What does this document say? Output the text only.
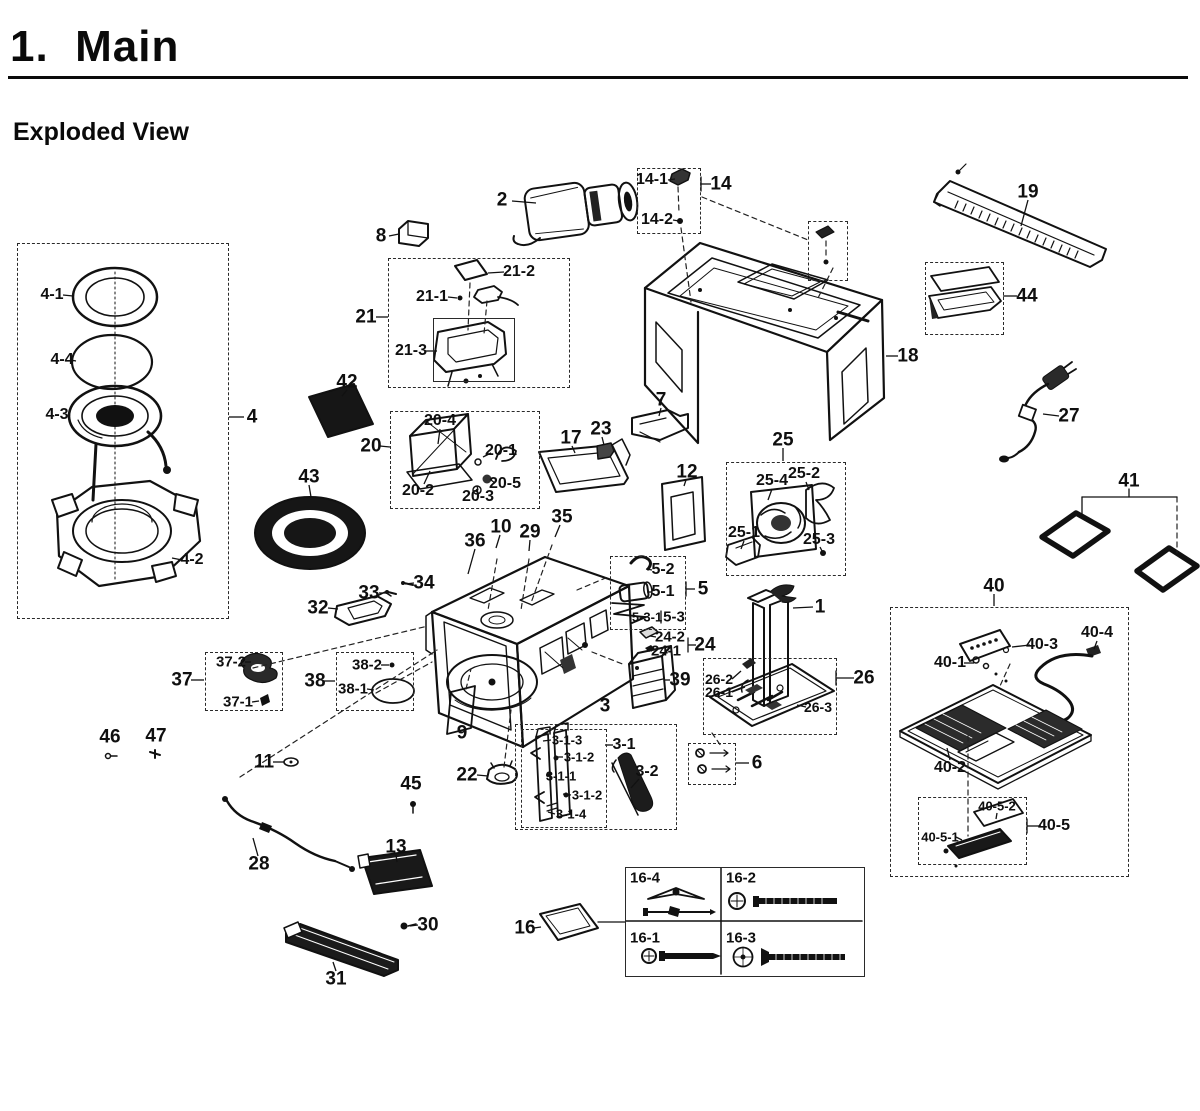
1.  Main
Exploded View
2
8
14-1
14-2
14
21
21-2
21-1
21-3
19
44
18
27
41
42
20
20-4
20-2
20-1
20-5
20-3
43
17 23
7
12
25
25-4 25-2
25-1	25-3
36
10 29
35
34
33
32
5-2
5-1
5-3-1 5-3
5
24-2
24-1 24
1
39 26-2
26-1
26-3
26
6
37-2
37-1
37
38-2
38-1
38
46 47
11
45
9
22
3
3-1-3
3-1-2
3-1-1
3-1-2
3-1-4
3-1
3-2
28
13
30
31
16
16-4	16-2
16-1	16-3
40
40-3
40-4
40-1
40-2
40-5-2
40-5-1
40-5
4
4-1
4-4
4-3
4-2
